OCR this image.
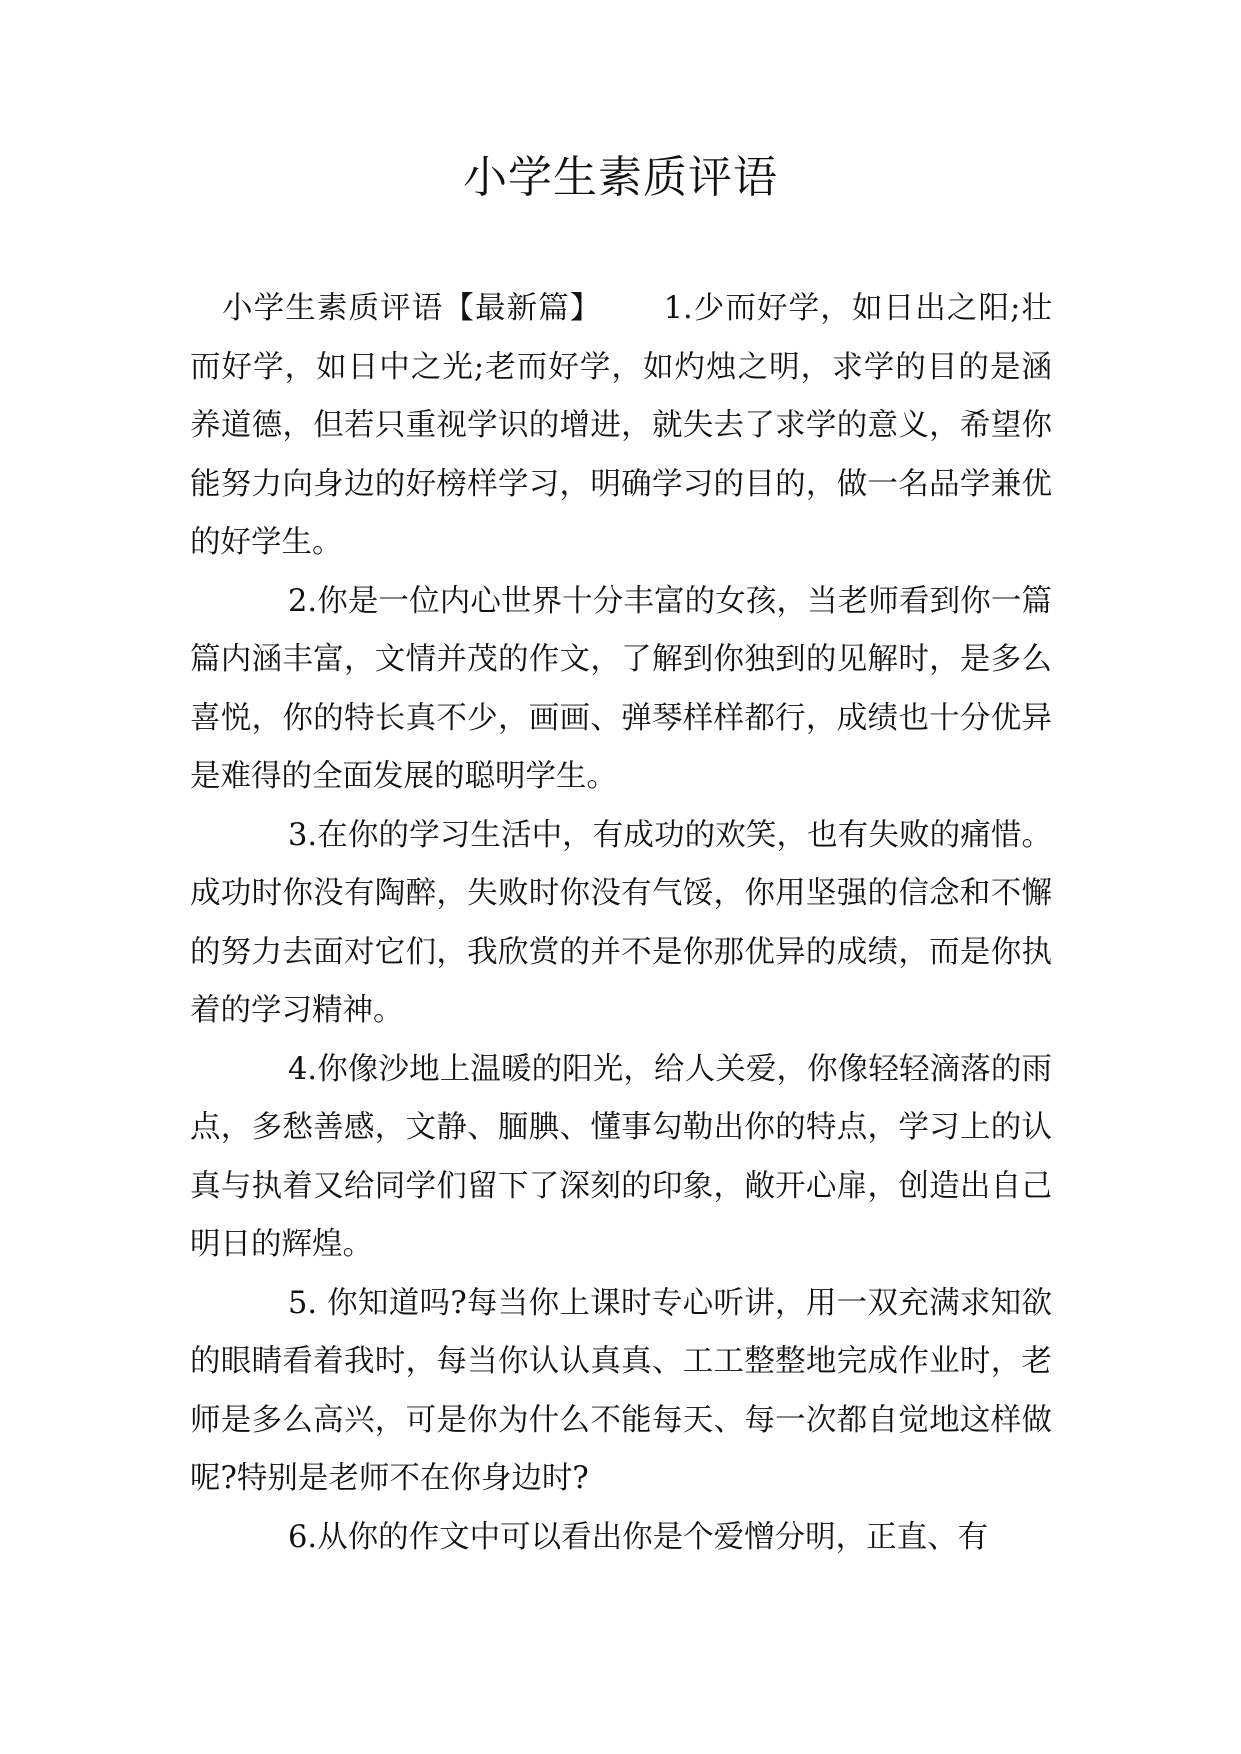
小学生素质评语

小学生素质评语【最新篇】 1.少而好学，如日出之阳;壮而好学，如日中之光;老而好学，如灼烛之明，求学的目的是涵养道德，但若只重视学识的增进，就失去了求学的意义，希望你能努力向身边的好榜样学习，明确学习的目的，做一名品学兼优的好学生。

2.你是一位内心世界十分丰富的女孩，当老师看到你一篇篇内涵丰富，文情并茂的作文，了解到你独到的见解时，是多么喜悦，你的特长真不少，画画、弹琴样样都行，成绩也十分优异是难得的全面发展的聪明学生。

3.在你的学习生活中，有成功的欢笑，也有失败的痛惜。成功时你没有陶醉，失败时你没有气馁，你用坚强的信念和不懈的努力去面对它们，我欣赏的并不是你那优异的成绩，而是你执着的学习精神。

4.你像沙地上温暖的阳光，给人关爱，你像轻轻滴落的雨点，多愁善感，文静、腼腆、懂事勾勒出你的特点，学习上的认真与执着又给同学们留下了深刻的印象，敞开心扉，创造出自己明日的辉煌。

5. 你知道吗?每当你上课时专心听讲，用一双充满求知欲的眼睛看着我时，每当你认认真真、工工整整地完成作业时，老师是多么高兴，可是你为什么不能每天、每一次都自觉地这样做呢?特别是老师不在你身边时?

6.从你的作文中可以看出你是个爱憎分明，正直、有
